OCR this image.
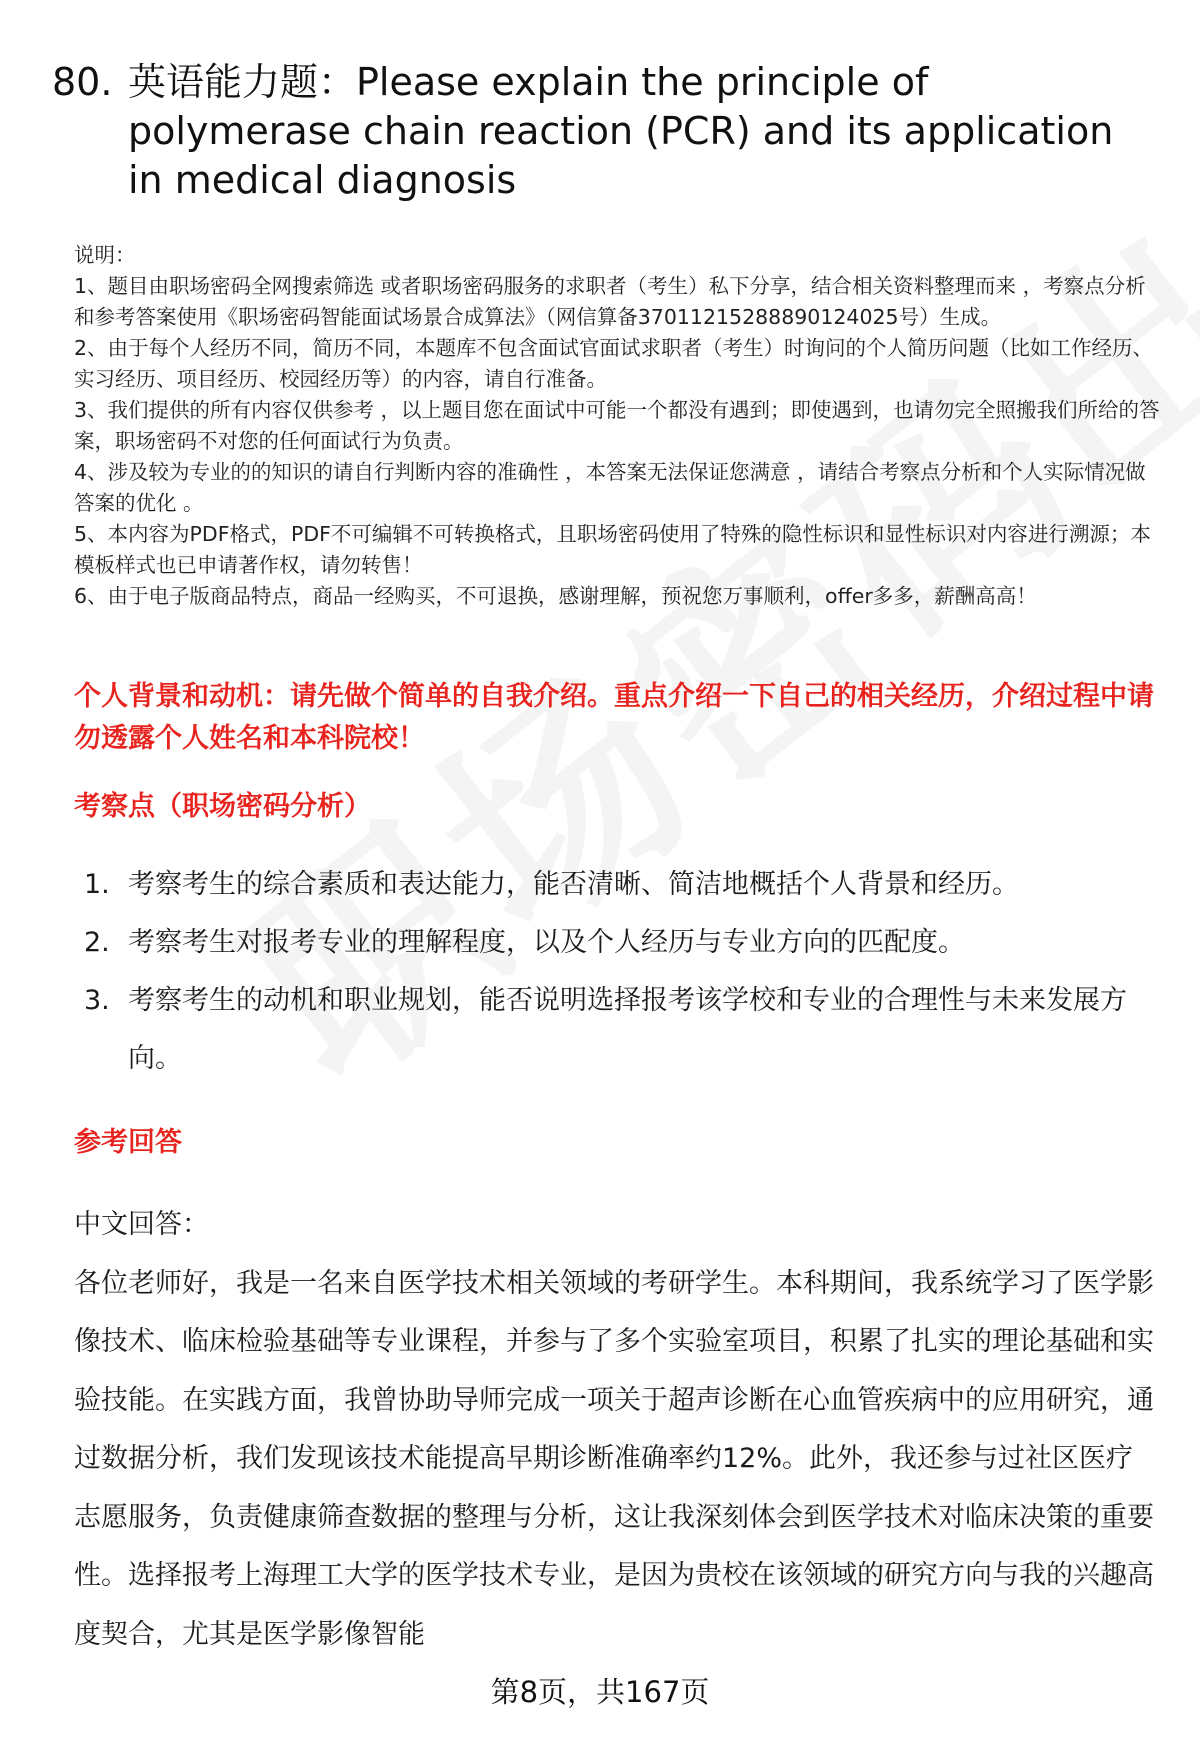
80. 英语能力题：Please explain the principle of polymerase chain reaction (PCR) and its application in medical diagnosis

说明：

1、题目由职场密码全网搜索筛选 或者职场密码服务的求职者（考生）私下分享，结合相关资料整理而来 ，考察点分析和参考答案使用《职场密码智能面试场景合成算法》（网信算备37011215288890124025号）生成。

2、由于每个人经历不同，简历不同，本题库不包含面试官面试求职者（考生）时询问的个人简历问题（比如工作经历、实习经历、项目经历、校园经历等）的内容，请自行准备。

3、我们提供的所有内容仅供参考 ，以上题目您在面试中可能一个都没有遇到；即使遇到，也请勿完全照搬我们所给的答案，职场密码不对您的任何面试行为负责。

4、涉及较为专业的的知识的请自行判断内容的准确性 ，本答案无法保证您满意 ，请结合考察点分析和个人实际情况做答案的优化 。

5、本内容为PDF格式，PDF不可编辑不可转换格式，且职场密码使用了特殊的隐性标识和显性标识对内容进行溯源；本模板样式也已申请著作权，请勿转售！

6、由于电子版商品特点，商品一经购买，不可退换，感谢理解，预祝您万事顺利，offer多多，薪酬高高！

个人背景和动机：请先做个简单的自我介绍。重点介绍一下自己的相关经历，介绍过程中请勿透露个人姓名和本科院校！
考察点（职场密码分析）
1. 考察考生的综合素质和表达能力，能否清晰、简洁地概括个人背景和经历。
2. 考察考生对报考专业的理解程度，以及个人经历与专业方向的匹配度。
3. 考察考生的动机和职业规划，能否说明选择报考该学校和专业的合理性与未来发展方向。
参考回答

中文回答：

各位老师好，我是一名来自医学技术相关领域的考研学生。本科期间，我系统学习了医学影像技术、临床检验基础等专业课程，并参与了多个实验室项目，积累了扎实的理论基础和实验技能。在实践方面，我曾协助导师完成一项关于超声诊断在心血管疾病中的应用研究，通过数据分析，我们发现该技术能提高早期诊断准确率约12%。此外，我还参与过社区医疗志愿服务，负责健康筛查数据的整理与分析，这让我深刻体会到医学技术对临床决策的重要性。选择报考上海理工大学的医学技术专业，是因为贵校在该领域的研究方向与我的兴趣高度契合，尤其是医学影像智能

第8页，共167页
